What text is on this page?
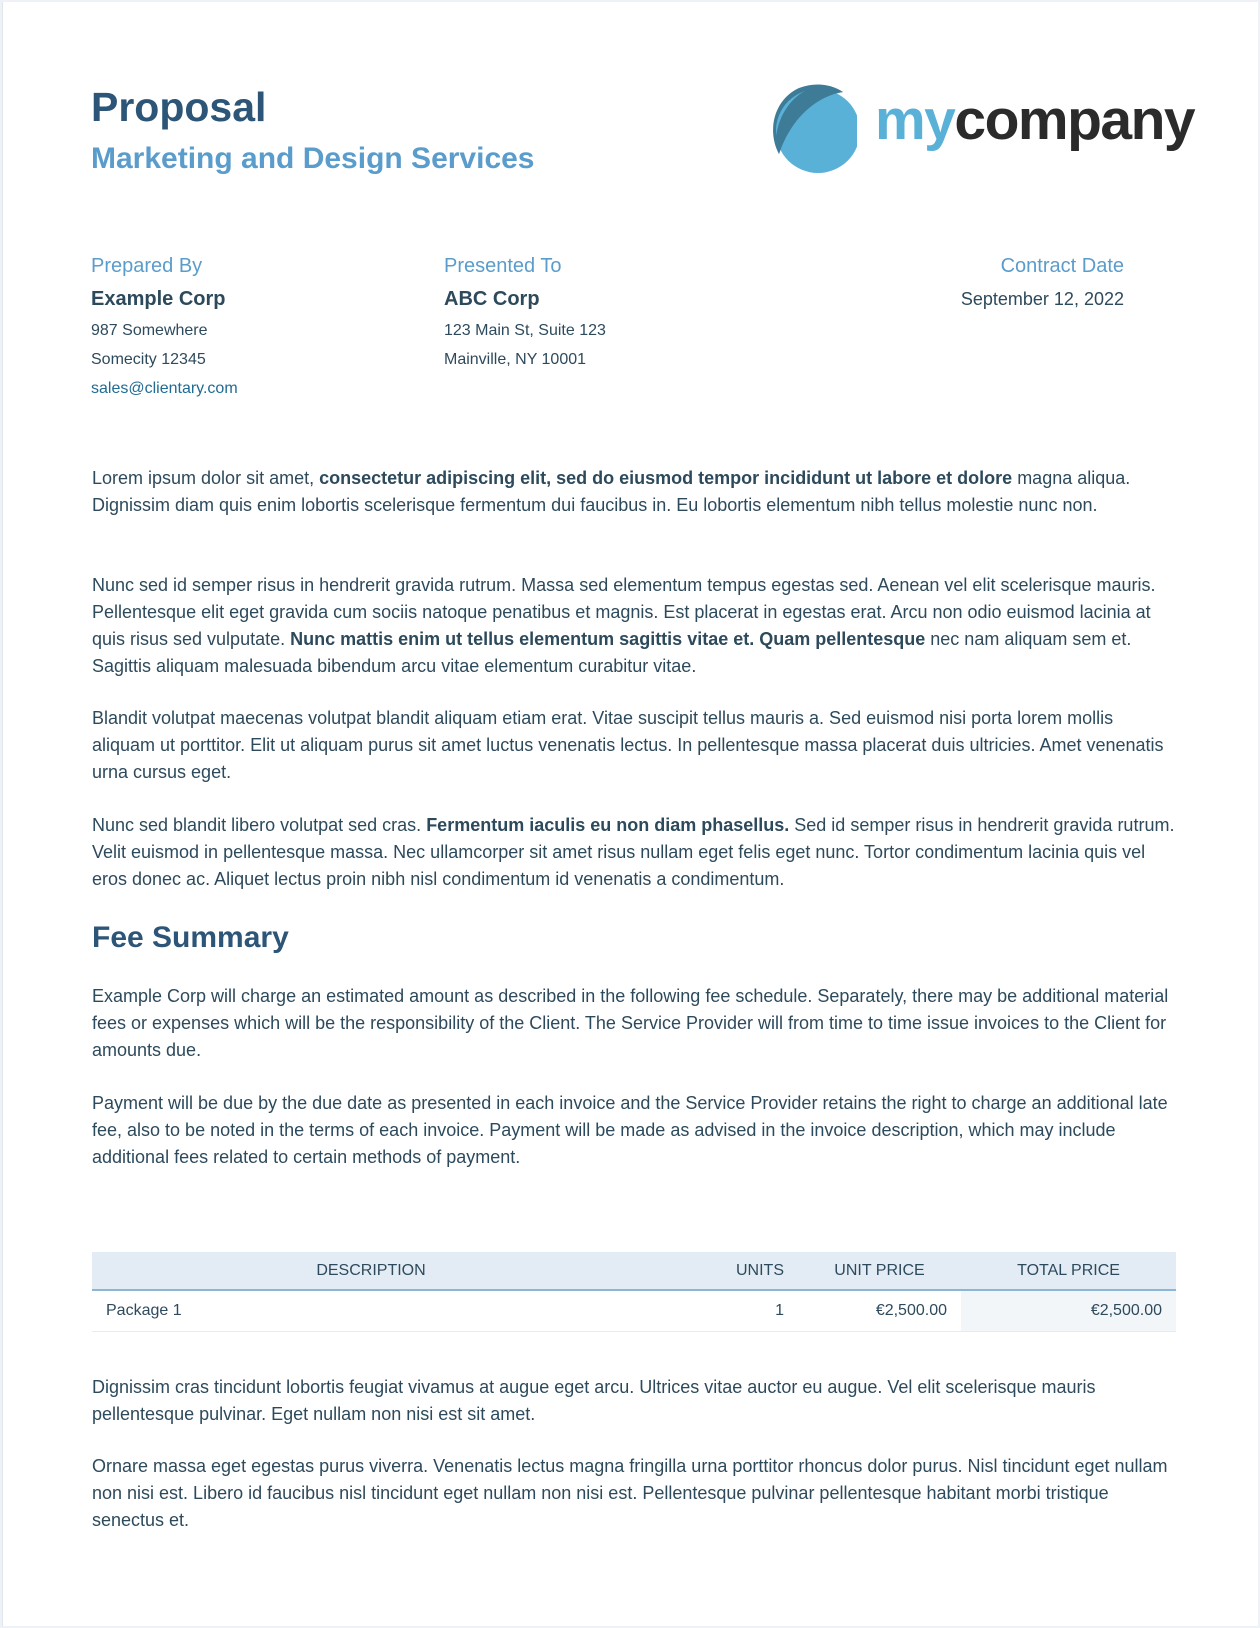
Proposal
Marketing and Design Services
mycompany
Prepared By
Example Corp
987 Somewhere
Somecity 12345
sales@clientary.com
Presented To
ABC Corp
123 Main St, Suite 123
Mainville, NY 10001
Contract Date
September 12, 2022

Lorem ipsum dolor sit amet, consectetur adipiscing elit, sed do eiusmod tempor incididunt ut labore et dolore magna aliqua. Dignissim diam quis enim lobortis scelerisque fermentum dui faucibus in. Eu lobortis elementum nibh tellus molestie nunc non.

Nunc sed id semper risus in hendrerit gravida rutrum. Massa sed elementum tempus egestas sed. Aenean vel elit scelerisque mauris. Pellentesque elit eget gravida cum sociis natoque penatibus et magnis. Est placerat in egestas erat. Arcu non odio euismod lacinia at quis risus sed vulputate. Nunc mattis enim ut tellus elementum sagittis vitae et. Quam pellentesque nec nam aliquam sem et. Sagittis aliquam malesuada bibendum arcu vitae elementum curabitur vitae.

Blandit volutpat maecenas volutpat blandit aliquam etiam erat. Vitae suscipit tellus mauris a. Sed euismod nisi porta lorem mollis aliquam ut porttitor. Elit ut aliquam purus sit amet luctus venenatis lectus. In pellentesque massa placerat duis ultricies. Amet venenatis urna cursus eget.

Nunc sed blandit libero volutpat sed cras. Fermentum iaculis eu non diam phasellus. Sed id semper risus in hendrerit gravida rutrum. Velit euismod in pellentesque massa. Nec ullamcorper sit amet risus nullam eget felis eget nunc. Tortor condimentum lacinia quis vel eros donec ac. Aliquet lectus proin nibh nisl condimentum id venenatis a condimentum.

Fee Summary

Example Corp will charge an estimated amount as described in the following fee schedule. Separately, there may be additional material fees or expenses which will be the responsibility of the Client. The Service Provider will from time to time issue invoices to the Client for amounts due.

Payment will be due by the due date as presented in each invoice and the Service Provider retains the right to charge an additional late fee, also to be noted in the terms of each invoice. Payment will be made as advised in the invoice description, which may include additional fees related to certain methods of payment.

DESCRIPTION	UNITS	UNIT PRICE	TOTAL PRICE
Package 1	1	€2,500.00	€2,500.00

Dignissim cras tincidunt lobortis feugiat vivamus at augue eget arcu. Ultrices vitae auctor eu augue. Vel elit scelerisque mauris pellentesque pulvinar. Eget nullam non nisi est sit amet.

Ornare massa eget egestas purus viverra. Venenatis lectus magna fringilla urna porttitor rhoncus dolor purus. Nisl tincidunt eget nullam non nisi est. Libero id faucibus nisl tincidunt eget nullam non nisi est. Pellentesque pulvinar pellentesque habitant morbi tristique senectus et.
